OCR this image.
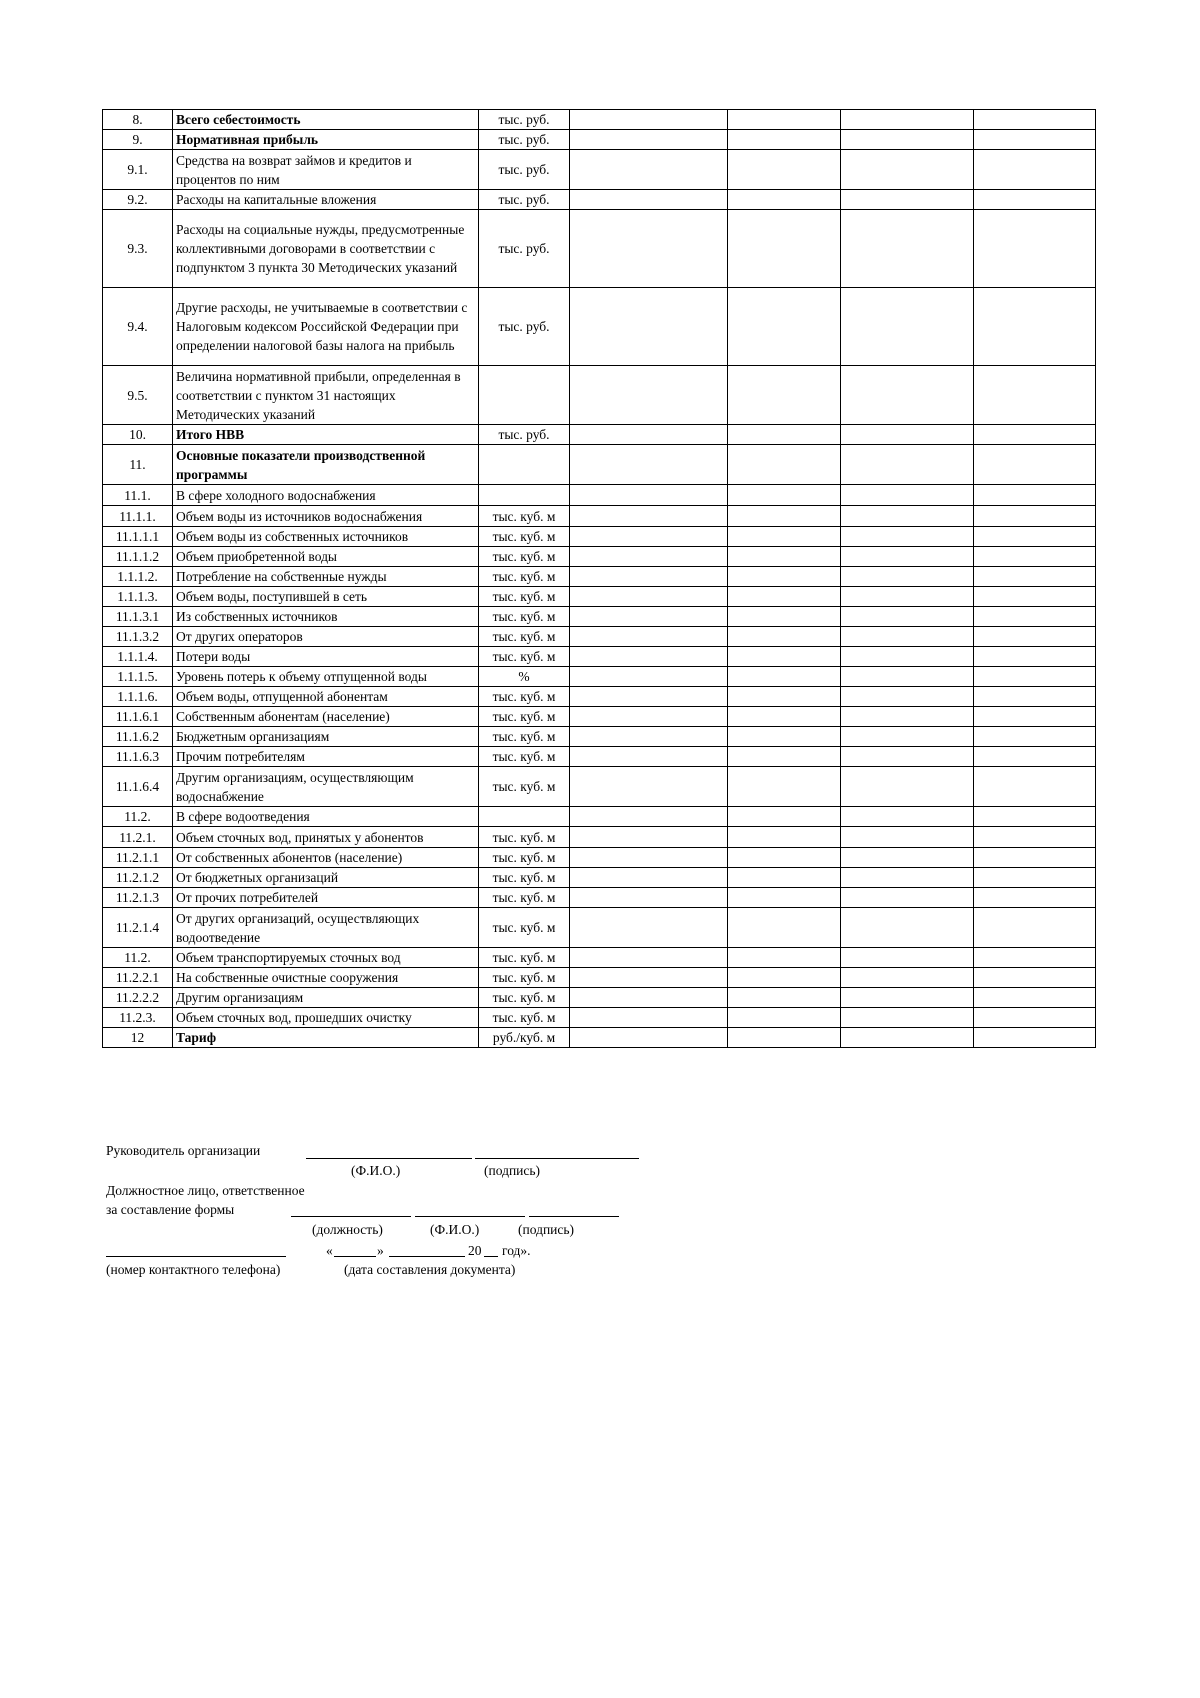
8.	Всего себестоимость	тыс. руб.				
9.	Нормативная прибыль	тыс. руб.				
9.1.	Средства на возврат займов и кредитов и процентов по ним	тыс. руб.				
9.2.	Расходы на капитальные вложения	тыс. руб.				
9.3.	Расходы на социальные нужды, предусмотренные коллективными договорами в соответствии с подпунктом 3 пункта 30 Методических указаний	тыс. руб.				
9.4.	Другие расходы, не учитываемые в соответствии с Налоговым кодексом Российской Федерации при определении налоговой базы налога на прибыль	тыс. руб.				
9.5.	Величина нормативной прибыли, определенная в соответствии с пунктом 31 настоящих Методических указаний					
10.	Итого НВВ	тыс. руб.				
11.	Основные показатели производственной программы					
11.1.	В сфере холодного водоснабжения					
11.1.1.	Объем воды из источников водоснабжения	тыс. куб. м				
11.1.1.1	Объем воды из собственных источников	тыс. куб. м				
11.1.1.2	Объем приобретенной воды	тыс. куб. м				
1.1.1.2.	Потребление на собственные нужды	тыс. куб. м				
1.1.1.3.	Объем воды, поступившей в сеть	тыс. куб. м				
11.1.3.1	Из собственных источников	тыс. куб. м				
11.1.3.2	От других операторов	тыс. куб. м				
1.1.1.4.	Потери воды	тыс. куб. м				
1.1.1.5.	Уровень потерь к объему отпущенной воды	%				
1.1.1.6.	Объем воды, отпущенной абонентам	тыс. куб. м				
11.1.6.1	Собственным абонентам (население)	тыс. куб. м				
11.1.6.2	Бюджетным организациям	тыс. куб. м				
11.1.6.3	Прочим потребителям	тыс. куб. м				
11.1.6.4	Другим организациям, осуществляющим водоснабжение	тыс. куб. м				
11.2.	В сфере водоотведения					
11.2.1.	Объем сточных вод, принятых у абонентов	тыс. куб. м				
11.2.1.1	От собственных абонентов (население)	тыс. куб. м				
11.2.1.2	От бюджетных организаций	тыс. куб. м				
11.2.1.3	От прочих потребителей	тыс. куб. м				
11.2.1.4	От других организаций, осуществляющих водоотведение	тыс. куб. м				
11.2.	Объем транспортируемых сточных вод	тыс. куб. м				
11.2.2.1	На собственные очистные сооружения	тыс. куб. м				
11.2.2.2	Другим организациям	тыс. куб. м				
11.2.3.	Объем сточных вод, прошедших очистку	тыс. куб. м				
12	Тариф	руб./куб. м				
Руководитель организации
(Ф.И.О.)	(подпись)
Должностное лицо, ответственное
за составление формы
(должность)	(Ф.И.О.)	(подпись)
«	»	20 год».
(номер контактного телефона)	(дата составления документа)
